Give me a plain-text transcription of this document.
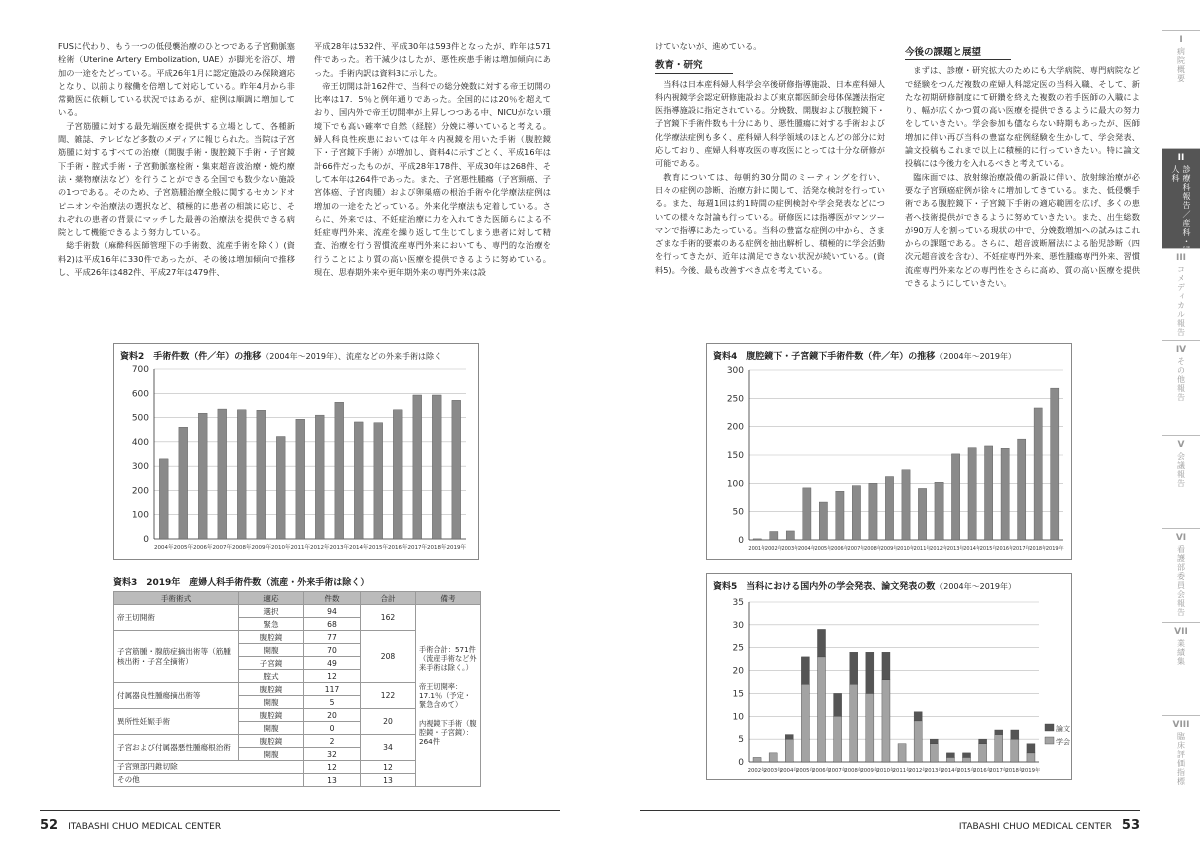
FUSに代わり、もう一つの低侵襲治療のひとつである子宮動脈塞栓術（Uterine Artery Embolization, UAE）が脚光を浴び、増加の一途をたどっている。平成26年1月に認定施設のみ保険適応となり、以前より稼働を倍増して対応している。昨年4月から非常勤医に依頼している状況ではあるが、症例は順調に増加している。

子宮筋腫に対する最先端医療を提供する立場として、各種新聞、雑誌、テレビなど多数のメディアに報じられた。当院は子宮筋腫に対するすべての治療（開腹手術・腹腔鏡下手術・子宮鏡下手術・腟式手術・子宮動脈塞栓術・集束超音波治療・焼灼療法・薬物療法など）を行うことができる全国でも数少ない施設の1つである。そのため、子宮筋腫治療全般に関するセカンドオピニオンや治療法の選択など、積極的に患者の相談に応じ、それぞれの患者の背景にマッチした最善の治療法を提供できる病院として機能できるよう努力している。

総手術数（麻酔科医師管理下の手術数、流産手術を除く）(資料2)は平成16年に330件であったが、その後は増加傾向で推移し、平成26年は482件、平成27年は479件、

平成28年は532件、平成30年は593件となったが、昨年は571件であった。若干減少はしたが、悪性疾患手術は増加傾向にあった。手術内訳は資料3に示した。

帝王切開は計162件で、当科での総分娩数に対する帝王切開の比率は17．5％と例年通りであった。全国的には20％を超えており、国内外で帝王切開率が上昇しつつある中、NICUがない環境下でも高い確率で自然（経腟）分娩に導いていると考える。婦人科良性疾患においては年々内視鏡を用いた手術（腹腔鏡下・子宮鏡下手術）が増加し、資料4に示すごとく、平成16年は計66件だったものが、平成28年178件、平成30年は268件、そして本年は264件であった。また、子宮悪性腫瘍（子宮頸癌、子宮体癌、子宮肉腫）および卵巣癌の根治手術や化学療法症例は増加の一途をたどっている。外来化学療法も定着している。さらに、外来では、不妊症治療に力を入れてきた医師らによる不妊症専門外来、流産を繰り返して生じてしまう患者に対して精査、治療を行う習慣流産専門外来においても、専門的な治療を行うことにより質の高い医療を提供できるように努めている。現在、思春期外来や更年期外来の専門外来は設

けていないが、進めている。

教育・研究

当科は日本産科婦人科学会卒後研修指導施設、日本産科婦人科内視鏡学会認定研修施設および東京都医師会母体保護法指定医指導施設に指定されている。分娩数、開腹および腹腔鏡下・子宮鏡下手術件数も十分にあり、悪性腫瘍に対する手術および化学療法症例も多く、産科婦人科学領域のほとんどの部分に対応しており、産婦人科専攻医の専攻医にとっては十分な研修が可能である。

教育については、毎朝約30分間のミーティングを行い、日々の症例の診断、治療方針に関して、活発な検討を行っている。また、毎週1回は約1時間の症例検討や学会発表などについての様々な討論も行っている。研修医には指導医がマンツーマンで指導にあたっている。当科の豊富な症例の中から、さまざまな手術的要素のある症例を抽出解析し、積極的に学会活動を行ってきたが、近年は満足できない状況が続いている。(資料5)。今後、最も改善すべき点を考えている。

今後の課題と展望

まずは、診療・研究拡大のためにも大学病院、専門病院などで経験をつんだ複数の産婦人科認定医の当科入職、そして、新たな初期研修制度にて研鑽を終えた複数の若手医師の入職により、幅が広くかつ質の高い医療を提供できるように最大の努力をしていきたい。学会参加も儘ならない時期もあったが、医師増加に伴い再び当科の豊富な症例経験を生かして、学会発表、論文投稿もこれまで以上に積極的に行っていきたい。特に論文投稿には今後力を入れるべきと考えている。

臨床面では、放射線治療設備の新設に伴い、放射線治療が必要な子宮頸癌症例が徐々に増加してきている。また、低侵襲手術である腹腔鏡下・子宮鏡下手術の適応範囲を広げ、多くの患者へ技術提供ができるように努めていきたい。また、出生総数が90万人を割っている現状の中で、分娩数増加への試みはこれからの課題である。さらに、超音波断層法による胎児診断（四次元超音波を含む）、不妊症専門外来、悪性腫瘍専門外来、習慣流産専門外来などの専門性をさらに高め、質の高い医療を提供できるようにしていきたい。

資料2　手術件数（件／年）の推移（2004年〜2019年）、流産などの外来手術は除く
0
100
200
300
400
500
600
700
2004年 2005年 2006年 2007年 2008年 2009年 2010年 2011年 2012年 2013年 2014年 2015年 2016年 2017年 2018年 2019年
資料3　2019年　産婦人科手術件数（流産・外来手術は除く）
手術術式	適応	件数	合計	備考
帝王切開術	選択	94	162	手術合計：571件（流産手術など外来手術は除く。）
帝王切開率：17.1％（予定・緊急含めて）
内視鏡下手術（腹腔鏡・子宮鏡）：264件

	緊急	68		
子宮筋腫・腺筋症摘出術等（筋腫核出術・子宮全摘術）	腹腔鏡	77	208	
	開腹	70		
	子宮鏡	49		
	腟式	12		
付属器良性腫瘍摘出術等	腹腔鏡	117	122	
	開腹	5		
異所性妊娠手術	腹腔鏡	20	20	
	開腹	0		
子宮および付属器悪性腫瘍根治術	腹腔鏡	2	34	
	開腹	32		
子宮頸部円錐切除		12	12	
その他		13	13	
資料4　腹腔鏡下・子宮鏡下手術件数（件／年）の推移（2004年〜2019年）
0
50
100
150
200
250
300
2001年
2002年
2003年
2004年
2005年
2006年
2007年
2008年
2009年
2010年
2011年
2012年
2013年
2014年
2015年
2016年
2017年
2018年
2019年
資料5　当科における国内外の学会発表、論文発表の数（2004年〜2019年）
0
5
10
15
20
25
30
35
2002年
2003年
2004年
2005年
2006年
2007年
2008年
2009年
2010年
2011年
2012年
2013年
2014年
2015年
2016年
2017年
2018年
2019年
論文
学会
52 ITABASHI CHUO MEDICAL CENTER	ITABASHI CHUO MEDICAL CENTER 53
I
病院概要
II
診療科報告／産科・婦人科
III
コメディカル報告
IV
その他報告
V
会議報告
VI
看護部委員会報告
VII
業績集
VIII
臨床評価指標
